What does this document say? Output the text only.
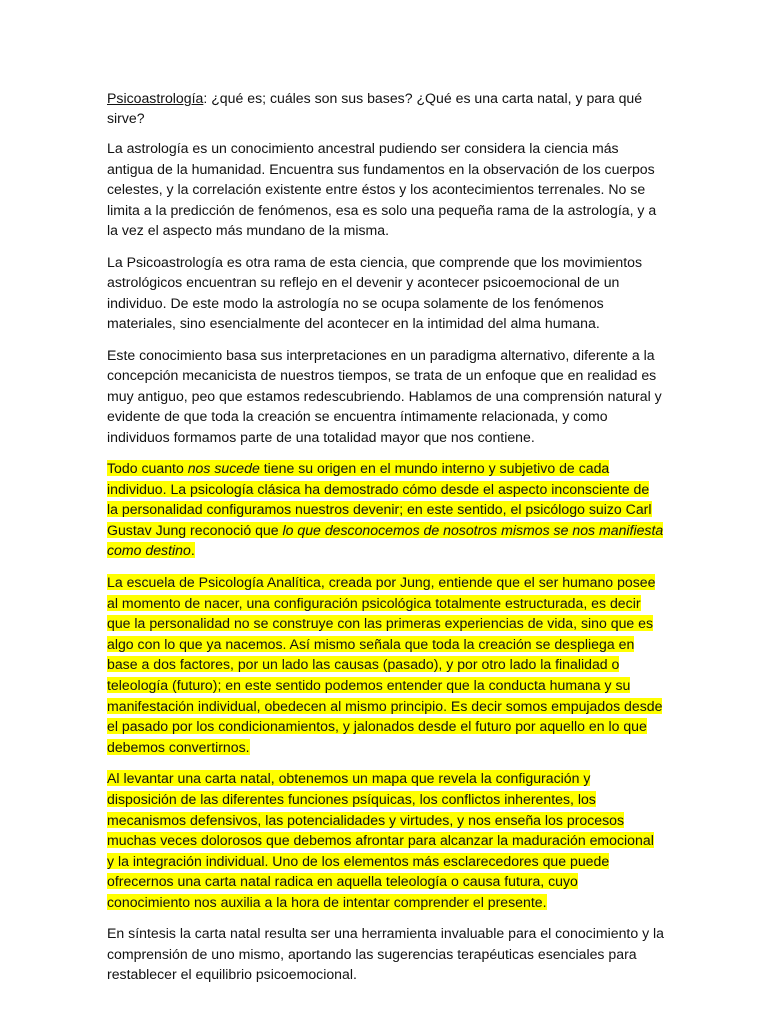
Psicoastrología: ¿qué es; cuáles son sus bases? ¿Qué es una carta natal, y para qué sirve?

La astrología es un conocimiento ancestral pudiendo ser considera la ciencia más antigua de la humanidad. Encuentra sus fundamentos en la observación de los cuerpos celestes, y la correlación existente entre éstos y los acontecimientos terrenales. No se limita a la predicción de fenómenos, esa es solo una pequeña rama de la astrología, y a la vez el aspecto más mundano de la misma.

La Psicoastrología es otra rama de esta ciencia, que comprende que los movimientos astrológicos encuentran su reflejo en el devenir y acontecer psicoemocional de un individuo. De este modo la astrología no se ocupa solamente de los fenómenos materiales, sino esencialmente del acontecer en la intimidad del alma humana.

Este conocimiento basa sus interpretaciones en un paradigma alternativo, diferente a la concepción mecanicista de nuestros tiempos, se trata de un enfoque que en realidad es muy antiguo, peo que estamos redescubriendo. Hablamos de una comprensión natural y evidente de que toda la creación se encuentra íntimamente relacionada, y como individuos formamos parte de una totalidad mayor que nos contiene.

Todo cuanto nos sucede tiene su origen en el mundo interno y subjetivo de cada individuo. La psicología clásica ha demostrado cómo desde el aspecto inconsciente de la personalidad configuramos nuestros devenir; en este sentido, el psicólogo suizo Carl Gustav Jung reconoció que lo que desconocemos de nosotros mismos se nos manifiesta como destino.

La escuela de Psicología Analítica, creada por Jung, entiende que el ser humano posee al momento de nacer, una configuración psicológica totalmente estructurada, es decir que la personalidad no se construye con las primeras experiencias de vida, sino que es algo con lo que ya nacemos. Así mismo señala que toda la creación se despliega en base a dos factores, por un lado las causas (pasado), y por otro lado la finalidad o teleología (futuro); en este sentido podemos entender que la conducta humana y su manifestación individual, obedecen al mismo principio. Es decir somos empujados desde el pasado por los condicionamientos, y jalonados desde el futuro por aquello en lo que debemos convertirnos.

Al levantar una carta natal, obtenemos un mapa que revela la configuración y disposición de las diferentes funciones psíquicas, los conflictos inherentes, los mecanismos defensivos, las potencialidades y virtudes, y nos enseña los procesos muchas veces dolorosos que debemos afrontar para alcanzar la maduración emocional y la integración individual. Uno de los elementos más esclarecedores que puede ofrecernos una carta natal radica en aquella teleología o causa futura, cuyo conocimiento nos auxilia a la hora de intentar comprender el presente.

En síntesis la carta natal resulta ser una herramienta invaluable para el conocimiento y la comprensión de uno mismo, aportando las sugerencias terapéuticas esenciales para restablecer el equilibrio psicoemocional.
